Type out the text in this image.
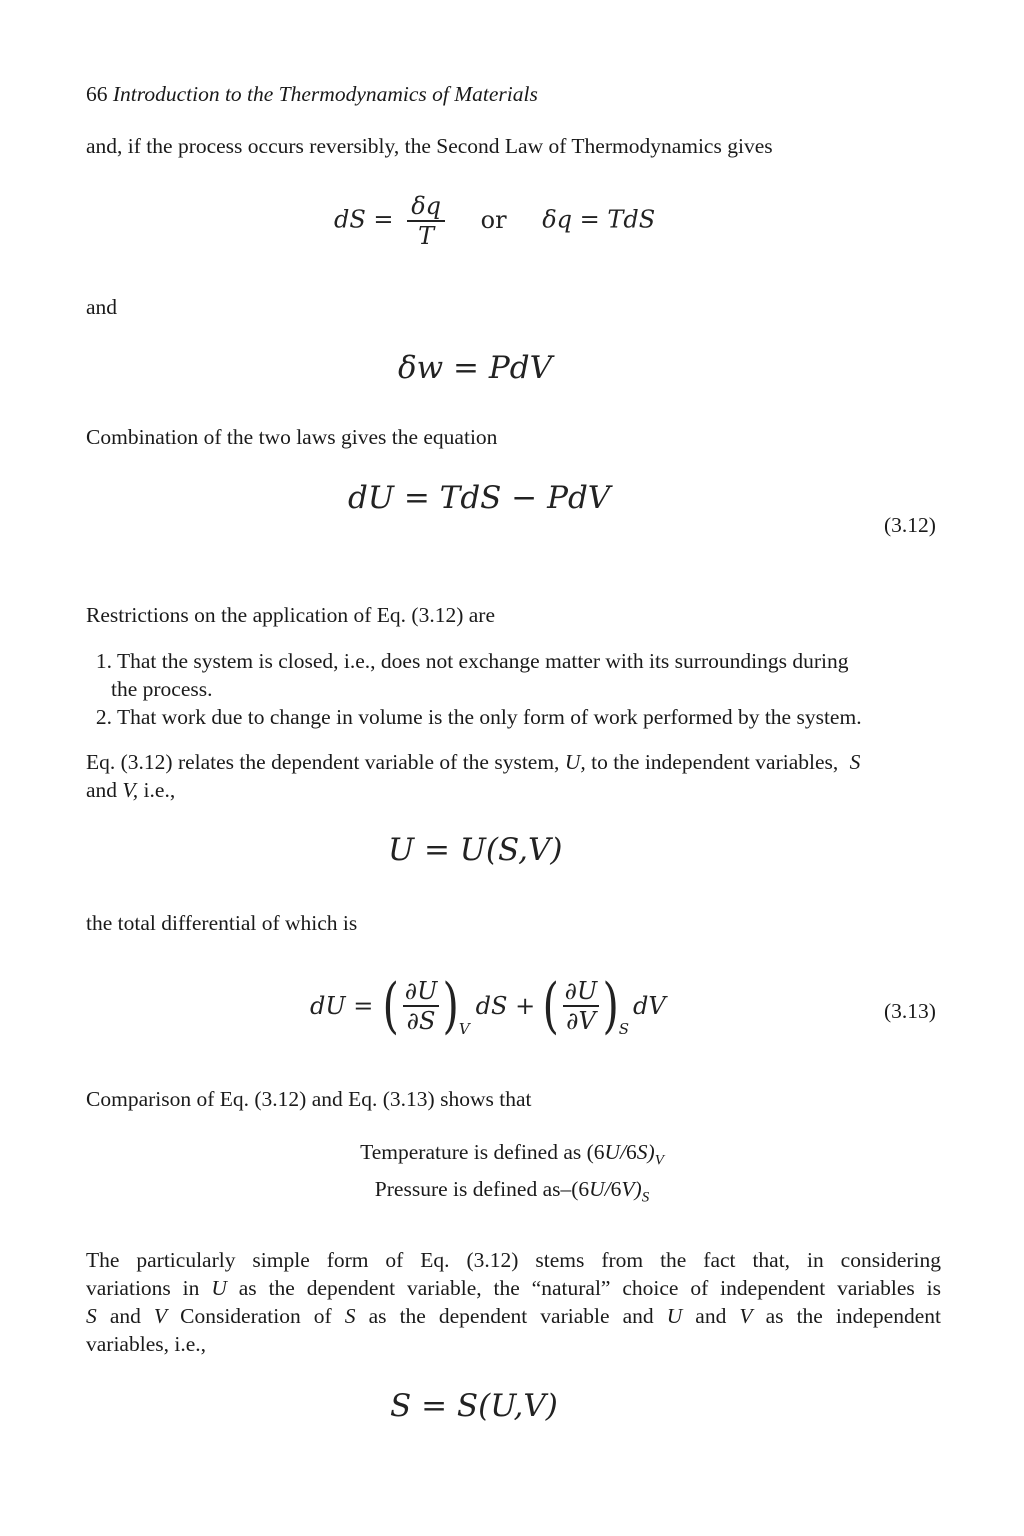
66 Introduction to the Thermodynamics of Materials
and, if the process occurs reversibly, the Second Law of Thermodynamics gives
dS = $\frac{\delta q}{T}$ or δq = TdS
and
δw = PdV
Combination of the two laws gives the equation
dU = TdS − PdV
(3.12)
Restrictions on the application of Eq. (3.12) are
1. That the system is closed, i.e., does not exchange matter with its surroundings during
the process.
2. That work due to change in volume is the only form of work performed by the system.
Eq. (3.12) relates the dependent variable of the system, U, to the independent variables, S
and V, i.e.,
U = U(S,V)
the total differential of which is
dU = ( $\frac{\partial U}{\partial S}$ ) V
dS + ( $\frac{\partial U}{\partial V}$ ) S
dV	(3.13)
Comparison of Eq. (3.12) and Eq. (3.13) shows that
Temperature is defined as $(6U/6S)_V$
Pressure is defined $as-(6U/6V)_S$
The particularly simple form of Eq. (3.12) stems from the fact that, in considering
variations in U as the dependent variable, the “natural” choice of independent variables is
S and V Consideration of S as the dependent variable and U and V as the independent
variables, i.e.,
S = S(U,V)
